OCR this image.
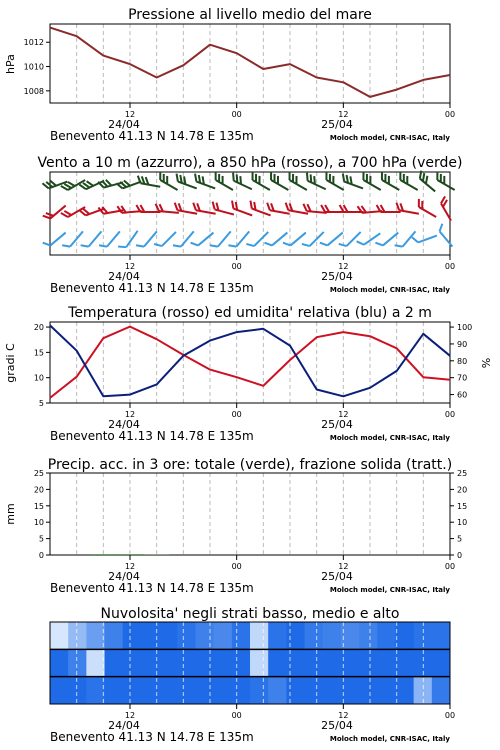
Pressione al livello medio del mare
1012
1010
1008
hPa
12	00	12	00
24/04	25/04
Benevento 41.13 N 14.78 E 135m	Moloch model, CNR-ISAC, Italy
Vento a 10 m (azzurro), a 850 hPa (rosso), a 700 hPa (verde)
12	00	12	00
24/04	25/04
Benevento 41.13 N 14.78 E 135m	Moloch model, CNR-ISAC, Italy
Temperatura (rosso) ed umidita' relativa (blu) a 2 m
20
15
10
5
100
90
80
70
60
gradi C	%
12	00	12	00
24/04	25/04
Benevento 41.13 N 14.78 E 135m	Moloch model, CNR-ISAC, Italy
Precip. acc. in 3 ore: totale (verde), frazione solida (tratt.)
25	25
20	20
15	15
10	10
5	5
0	0
mm
12	00	12	00
24/04	25/04
Benevento 41.13 N 14.78 E 135m	Moloch model, CNR-ISAC, Italy
Nuvolosita' negli strati basso, medio e alto
12	00	12	00
24/04	25/04
Benevento 41.13 N 14.78 E 135m	Moloch model, CNR-ISAC, Italy
